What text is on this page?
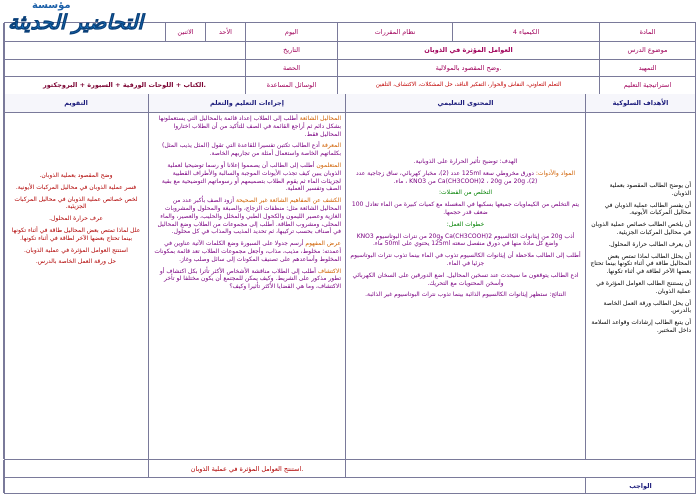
مؤسسة
التحاضير الحديثة	المادة
الكيمياء 4
نظام المقررات
اليوم
الأحد
الاثنين
موضوع الدرس
العوامل المؤثرة في الذوبان
التاريخ
التمهيد
وضح المقصود بالمولالية.
الحصة
استراتيجية التعليم
التعلم التعاوني، النقاش والحوار، التفكير الناقد، حل المشكلات، الاكتشاف، التلقين
الوسائل المساعدة
الكتاب + اللوحات الورقية + السبورة + البروجكتور.
الأهداف السلوكية
المحتوى التعليمي
إجراءات التعليم والتعلم
التقويم

أن يوضح الطالب المقصود بعملية الذوبان.

أن يفسر الطالب عملية الذوبان في محاليل المركبات الأيونية.

أن يلخص الطالب خصائص عملية الذوبان في محاليل المركبات الجزيئية.

أن يعرف الطالب حرارة المحلول.

أن يحلل الطالب لماذا تمتص بعض المحاليل طاقة في أثناء تكونها بينما تحتاج بعضها الآخر لطاقة في أثناء تكونها.

أن يستنتج الطالب العوامل المؤثرة في عملية الذوبان.

أن يحل الطالب ورقة العمل الخاصة بالدرس.

أن يتبع الطالب إرشادات وقواعد السلامة داخل المختبر.

الهدف: توضيح تأثير الحرارة على الذوبانية.

المواد والأدوات: دورق مخروطي سعة 125ml عدد (2)، مخبار كهربائي، ساق زجاجية عدد (2)، 20g من Ca(CH3COOH)2 ، 20g من KNO3 ، ماء.

التخلص من الفضلات:

يتم التخلص من الكيماويات جميعها بسكبها في المغسلة مع كميات كبيرة من الماء تعادل 100 ضعف قدر حجمها.

خطوات العمل:

أذب 20g من إيثانوات الكالسيوم Ca(CH3COOH)2 و20g من نترات البوتاسيوم KNO3 واضع كل مادة منها في دورق منفصل سعته 125ml يحتوي على 50ml ماء.

أطلب إلى الطالب ملاحظة أن إيثانوات الكالسيوم تذوب في الماء بينما تذوب نترات البوتاسيوم جزئيا في الماء.

ادع الطالب يتوقعون ما سيحدث عند تسخين المحاليل. اضع الدورقين على السخان الكهربائي وأسخن المحتويات مع التحريك.

النتائج: ستظهر إيثانوات الكالسيوم الذائبة بينما تذوب نترات البوتاسيوم غير الذائبة.

المحاليل الشائعة أطلب إلى الطلاب إعداد قائمة بالمحاليل التي يستعملونها بشكل دائم ثم أراجع القائمة في الصف للتأكيد من أن الطلاب اختاروا المحاليل فقط.

المعرفة أدع الطالب تكتبن تفسيرا للقاعدة التي تقول (المثل يذيب المثل) بكلماتهم الخاصة واستعمال أمثلة من تجاربهم الخاصة.

المتعلمون أطلب إلى الطالب أن يصمموا إعلانا أو رسما توضيحيا لعملية الذوبان يبين كيف تجذب الأيونات الموجبة والسالبة والأطراف القطبية لجزيئات الماء ثم يقوم الطلاب بتصميمهم أو رسوماتهم التوضيحية مع بقية الصف وتفسير العملية.

الكشف عن المفاهيم الشائعة غير الصحيحة أزود الصف بأكبر عدد من المحاليل الشائعة مثل: منظفات الزجاج، والصبغة والمحلول والمشروبات الغازية وعصير الليمون والكحول الطبي والمخلل والحليب، والعصير، والماء المحلى، ومشروب الطاقة. أطلب إلى مجموعات من الطلاب وضع المحاليل في أصناف بحسب تركيبها، ثم تحديد المذيب والمذاب في كل محلول.

عرض المفهوم أرسم جدولا على السبورة وضع الكلمات الآتية عناوين في أعمدته: مخلوط، مذيب، مذاب، وأجعل مجموعات الطلاب تعد قائمة بمكونات المخلوط وأساعدهم على تصنيف المكونات إلى سائل وصلب وغاز.

الاكتشاف أطلب إلى الطلاب مناقشة الأشخاص الأكثر تأثرا بكل اكتشاف أو تطور مذكور على الشريط. وكيف يمكن للمجتمع أن يكون مختلفا لو تأخر الاكتشاف، وما هي القضايا الأكثر تأثيرا وكيف؟

وضح المقصود بعملية الذوبان.

فسر عملية الذوبان في محاليل المركبات الأيونية.

لخص خصائص عملية الذوبان في محاليل المركبات الجزيئية.

عرف حرارة المحلول.

علل لماذا تمتص بعض المحاليل طاقة في أثناء تكونها بينما تحتاج بعضها الآخر لطاقة في أثناء تكونها.

استنتج العوامل المؤثرة في عملية الذوبان.

حل ورقة العمل الخاصة بالدرس.

استنتج العوامل المؤثرة في عملية الذوبان.
الواجب
